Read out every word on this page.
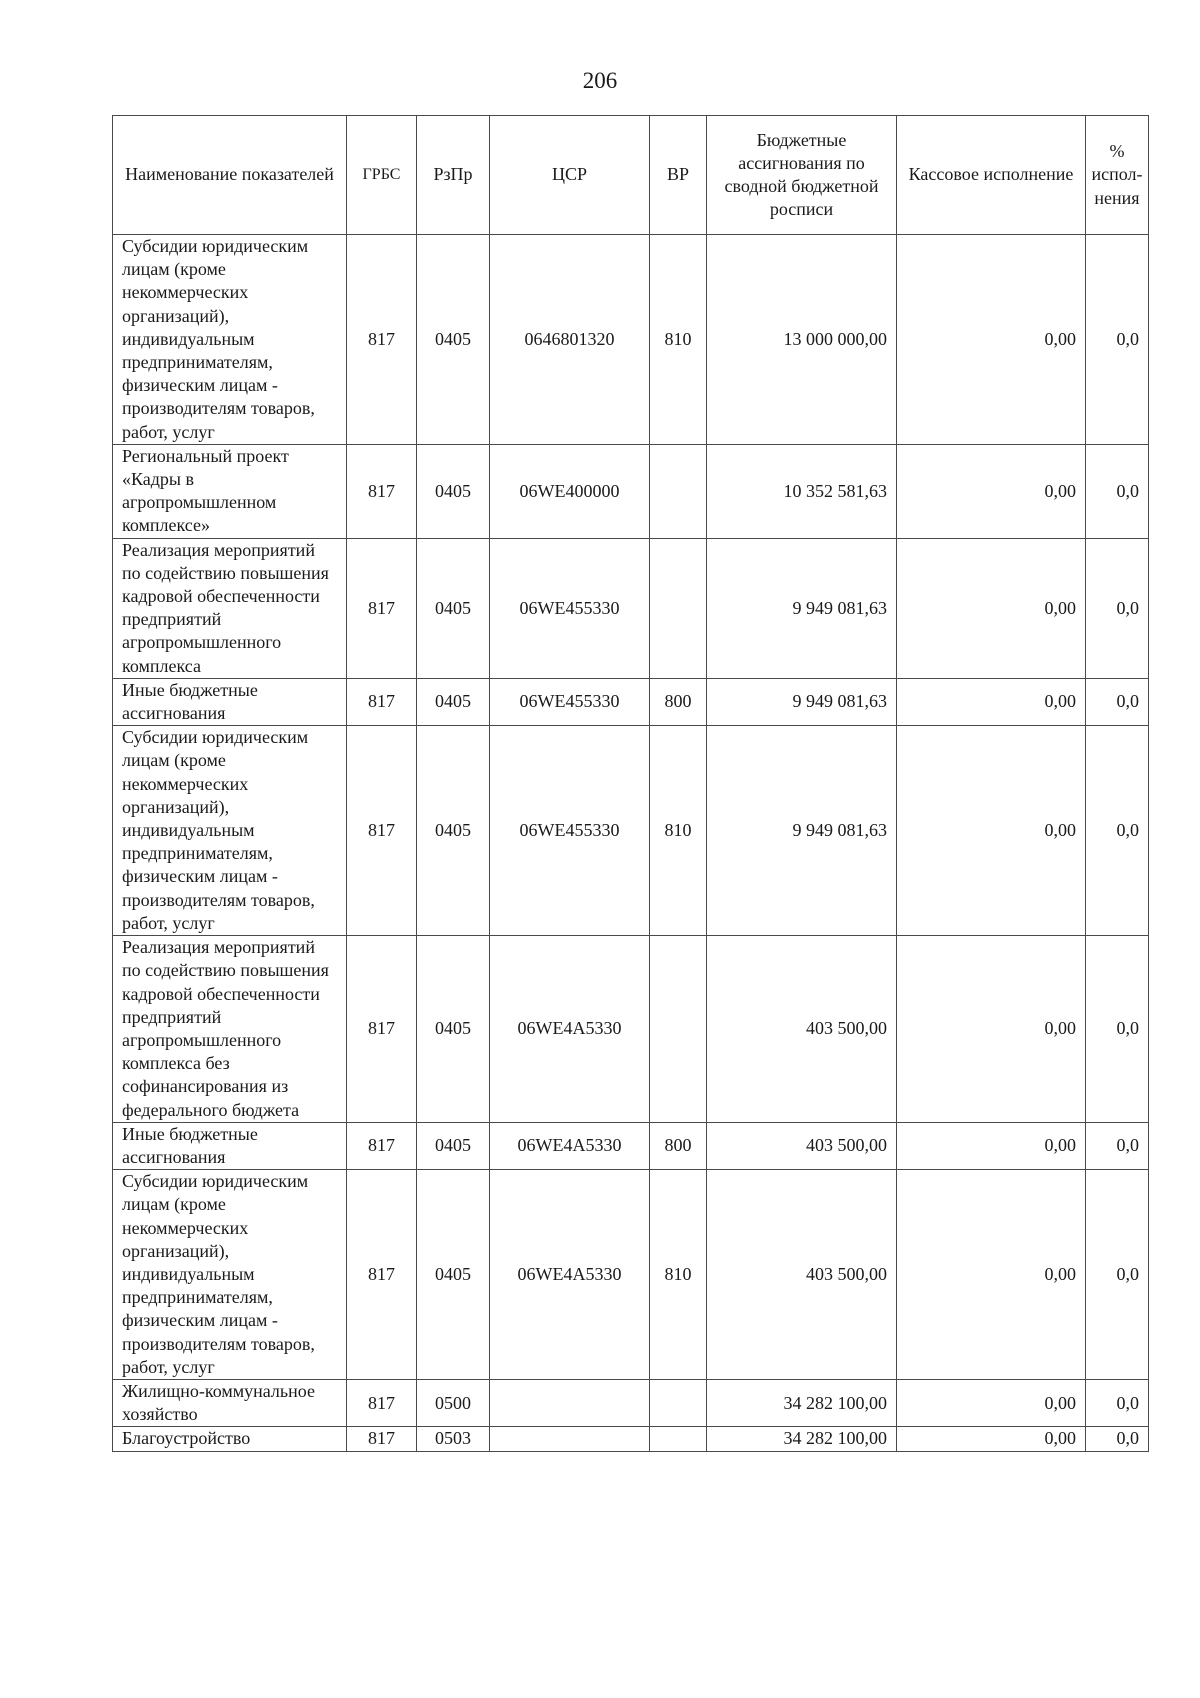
206
Наименование показателей	ГРБС	РзПр	ЦСР	ВР	Бюджетные ассигнования по сводной бюджетной росписи	Кассовое исполнение	% испол-нения
Субсидии юридическим лицам (кроме некоммерческих организаций), индивидуальным предпринимателям, физическим лицам - производителям товаров, работ, услуг	817	0405	0646801320	810	13 000 000,00	0,00	0,0
Региональный проект «Кадры в агропромышленном комплексе»	817	0405	06WE400000		10 352 581,63	0,00	0,0
Реализация мероприятий по содействию повышения кадровой обеспеченности предприятий агропромышленного комплекса	817	0405	06WE455330		9 949 081,63	0,00	0,0
Иные бюджетные ассигнования	817	0405	06WE455330	800	9 949 081,63	0,00	0,0
Субсидии юридическим лицам (кроме некоммерческих организаций), индивидуальным предпринимателям, физическим лицам - производителям товаров, работ, услуг	817	0405	06WE455330	810	9 949 081,63	0,00	0,0
Реализация мероприятий по содействию повышения кадровой обеспеченности предприятий агропромышленного комплекса без софинансирования из федерального бюджета	817	0405	06WE4A5330		403 500,00	0,00	0,0
Иные бюджетные ассигнования	817	0405	06WE4A5330	800	403 500,00	0,00	0,0
Субсидии юридическим лицам (кроме некоммерческих организаций), индивидуальным предпринимателям, физическим лицам - производителям товаров, работ, услуг	817	0405	06WE4A5330	810	403 500,00	0,00	0,0
Жилищно-коммунальное хозяйство	817	0500			34 282 100,00	0,00	0,0
Благоустройство	817	0503			34 282 100,00	0,00	0,0
